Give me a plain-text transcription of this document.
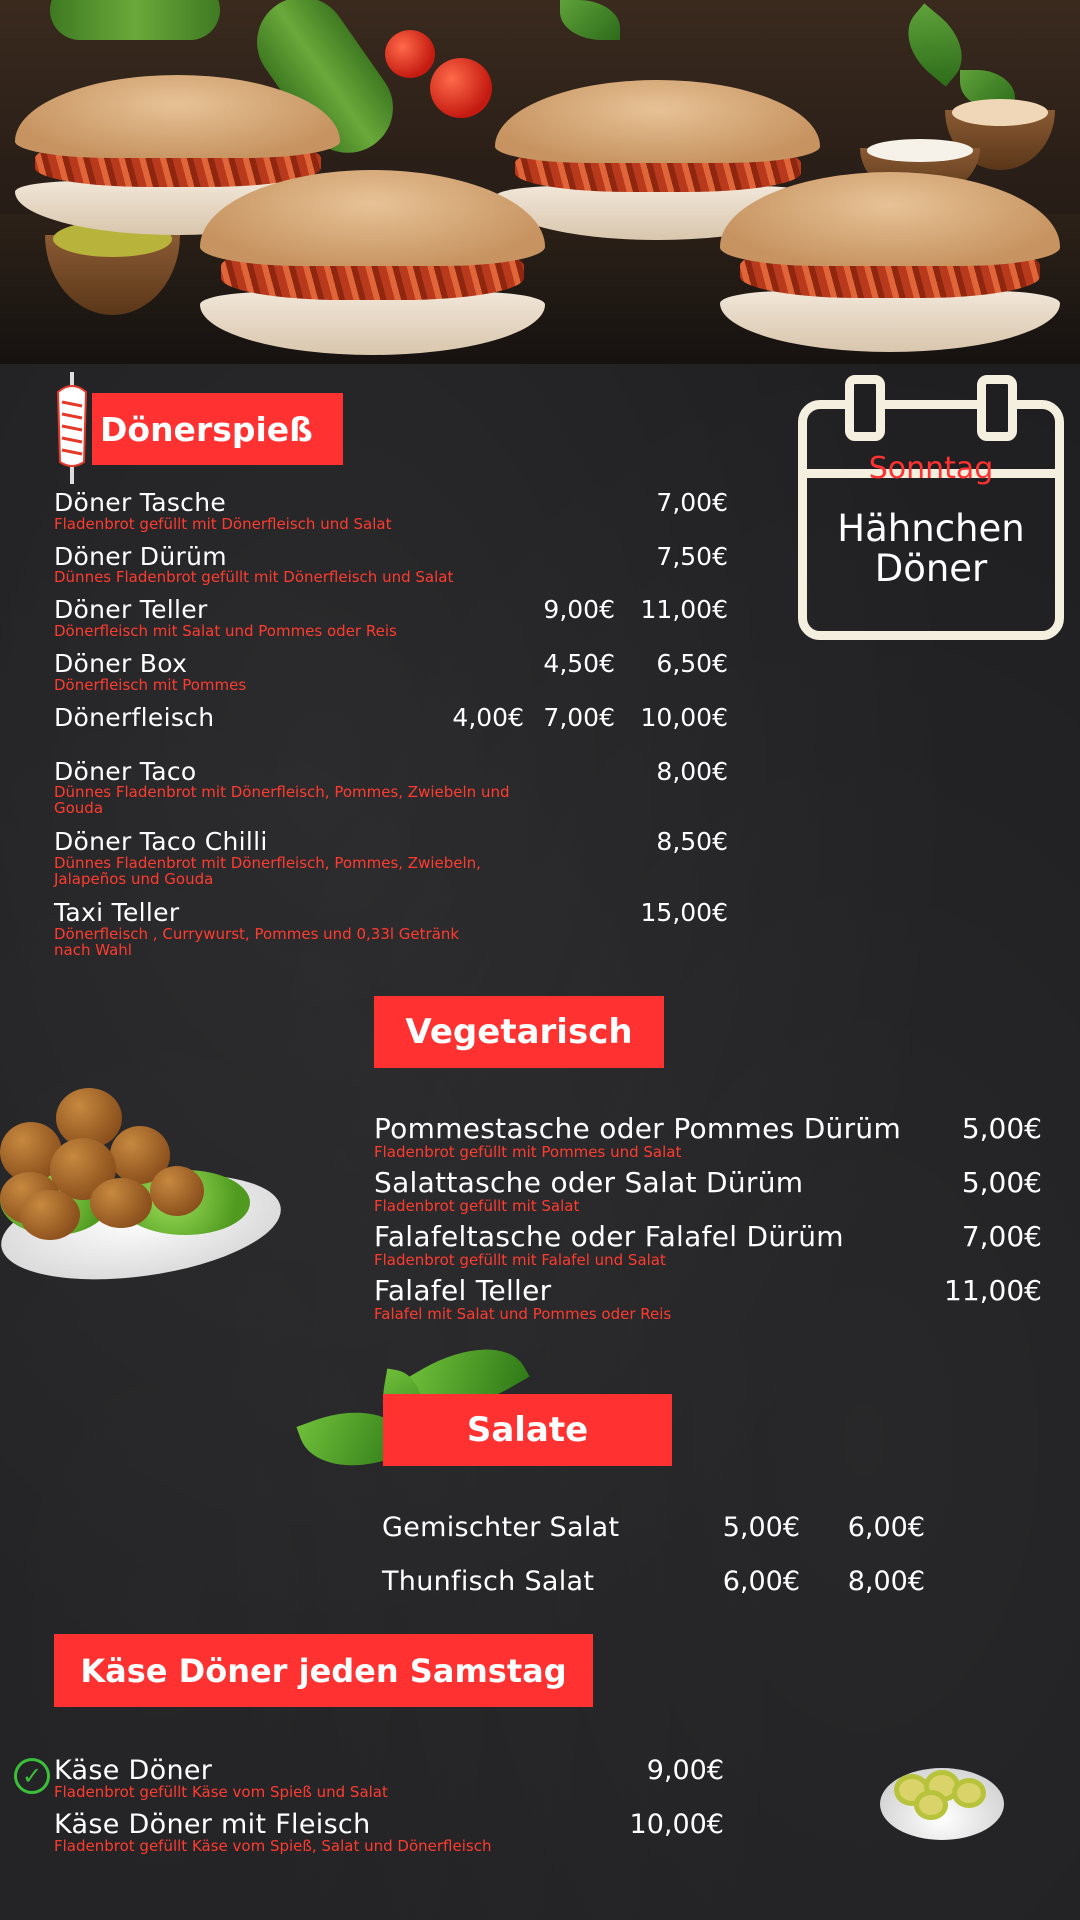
Dönerspieß
Döner Tasche
Fladenbrot gefüllt mit Dönerfleisch und Salat
7,00€
Döner Dürüm
Dünnes Fladenbrot gefüllt mit Dönerfleisch und Salat
7,50€
Döner Teller
Dönerfleisch mit Salat und Pommes oder Reis
9,00€	11,00€
Döner Box
Dönerfleisch mit Pommes
4,50€	6,50€
Dönerfleisch	4,00€ 7,00€	10,00€
Döner Taco
Dünnes Fladenbrot mit Dönerfleisch, Pommes, Zwiebeln und Gouda
8,00€
Döner Taco Chilli
Dünnes Fladenbrot mit Dönerfleisch, Pommes, Zwiebeln, Jalapeños und Gouda
8,50€
Taxi Teller
Dönerfleisch , Currywurst, Pommes und 0,33l Getränk nach Wahl
15,00€
Sonntag
Hähnchen
Döner
Vegetarisch
Pommestasche oder Pommes Dürüm
Fladenbrot gefüllt mit Pommes und Salat
5,00€
Salattasche oder Salat Dürüm
Fladenbrot gefüllt mit Salat
5,00€
Falafeltasche oder Falafel Dürüm
Fladenbrot gefüllt mit Falafel und Salat
7,00€
Falafel Teller
Falafel mit Salat und Pommes oder Reis
11,00€
Salate
Gemischter Salat	5,00€	6,00€
Thunfisch Salat	6,00€	8,00€
Käse Döner jeden Samstag
✓ Käse Döner
Fladenbrot gefüllt Käse vom Spieß und Salat
9,00€
Käse Döner mit Fleisch
Fladenbrot gefüllt Käse vom Spieß, Salat und Dönerfleisch
10,00€
